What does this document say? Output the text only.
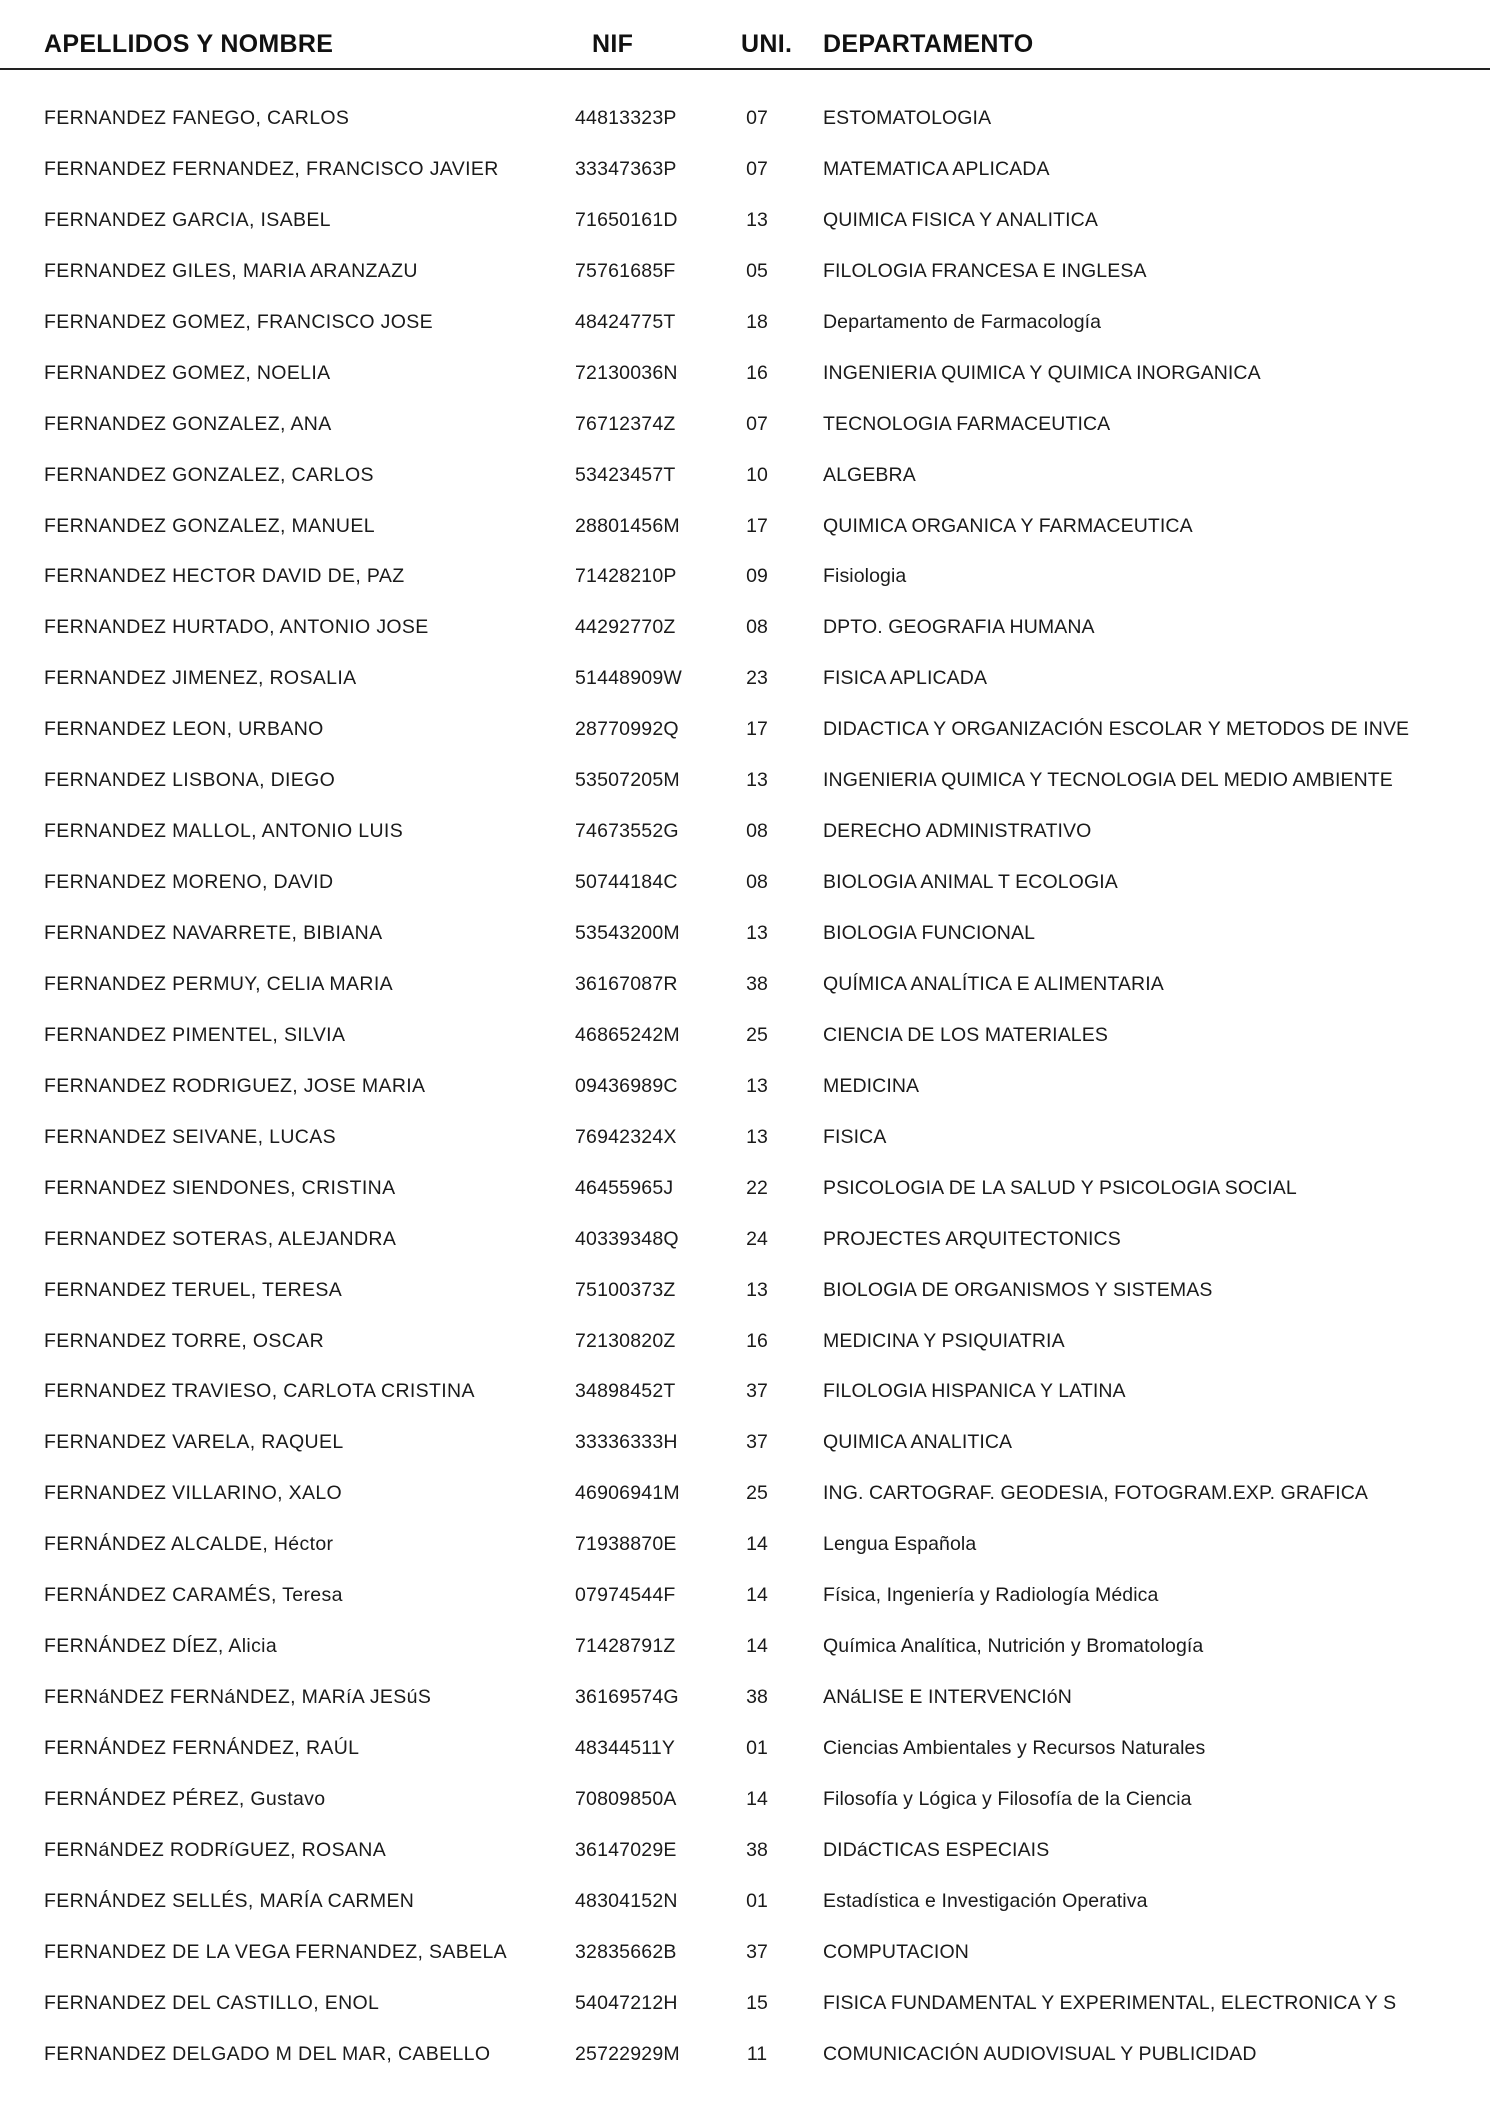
APELLIDOS Y NOMBRE	NIF	UNI. DEPARTAMENTO
FERNANDEZ FANEGO, CARLOS	44813323P	07	ESTOMATOLOGIA
FERNANDEZ FERNANDEZ, FRANCISCO JAVIER	33347363P	07	MATEMATICA APLICADA
FERNANDEZ GARCIA, ISABEL	71650161D	13	QUIMICA FISICA Y ANALITICA
FERNANDEZ GILES, MARIA ARANZAZU	75761685F	05	FILOLOGIA FRANCESA E INGLESA
FERNANDEZ GOMEZ, FRANCISCO JOSE	48424775T	18	Departamento de Farmacología
FERNANDEZ GOMEZ, NOELIA	72130036N	16	INGENIERIA QUIMICA Y QUIMICA INORGANICA
FERNANDEZ GONZALEZ, ANA	76712374Z	07	TECNOLOGIA FARMACEUTICA
FERNANDEZ GONZALEZ, CARLOS	53423457T	10	ALGEBRA
FERNANDEZ GONZALEZ, MANUEL	28801456M	17	QUIMICA ORGANICA Y FARMACEUTICA
FERNANDEZ HECTOR DAVID DE, PAZ	71428210P	09	Fisiologia
FERNANDEZ HURTADO, ANTONIO JOSE	44292770Z	08	DPTO. GEOGRAFIA HUMANA
FERNANDEZ JIMENEZ, ROSALIA	51448909W	23	FISICA APLICADA
FERNANDEZ LEON, URBANO	28770992Q	17	DIDACTICA Y ORGANIZACIÓN ESCOLAR Y METODOS DE INVE
FERNANDEZ LISBONA, DIEGO	53507205M	13	INGENIERIA QUIMICA Y TECNOLOGIA DEL MEDIO AMBIENTE
FERNANDEZ MALLOL, ANTONIO LUIS	74673552G	08	DERECHO ADMINISTRATIVO
FERNANDEZ MORENO, DAVID	50744184C	08	BIOLOGIA ANIMAL T ECOLOGIA
FERNANDEZ NAVARRETE, BIBIANA	53543200M	13	BIOLOGIA FUNCIONAL
FERNANDEZ PERMUY, CELIA MARIA	36167087R	38	QUÍMICA ANALÍTICA E ALIMENTARIA
FERNANDEZ PIMENTEL, SILVIA	46865242M	25	CIENCIA DE LOS MATERIALES
FERNANDEZ RODRIGUEZ, JOSE MARIA	09436989C	13	MEDICINA
FERNANDEZ SEIVANE, LUCAS	76942324X	13	FISICA
FERNANDEZ SIENDONES, CRISTINA	46455965J	22	PSICOLOGIA DE LA SALUD Y PSICOLOGIA SOCIAL
FERNANDEZ SOTERAS, ALEJANDRA	40339348Q	24	PROJECTES ARQUITECTONICS
FERNANDEZ TERUEL, TERESA	75100373Z	13	BIOLOGIA DE ORGANISMOS Y SISTEMAS
FERNANDEZ TORRE, OSCAR	72130820Z	16	MEDICINA Y PSIQUIATRIA
FERNANDEZ TRAVIESO, CARLOTA CRISTINA	34898452T	37	FILOLOGIA HISPANICA Y LATINA
FERNANDEZ VARELA, RAQUEL	33336333H	37	QUIMICA ANALITICA
FERNANDEZ VILLARINO, XALO	46906941M	25	ING. CARTOGRAF. GEODESIA, FOTOGRAM.EXP. GRAFICA
FERNÁNDEZ ALCALDE, Héctor	71938870E	14	Lengua Española
FERNÁNDEZ CARAMÉS, Teresa	07974544F	14	Física, Ingeniería y Radiología Médica
FERNÁNDEZ DÍEZ, Alicia	71428791Z	14	Química Analítica, Nutrición y Bromatología
FERNáNDEZ FERNáNDEZ, MARíA JESúS	36169574G	38	ANáLISE E INTERVENCIóN
FERNÁNDEZ FERNÁNDEZ, RAÚL	48344511Y	01	Ciencias Ambientales y Recursos Naturales
FERNÁNDEZ PÉREZ, Gustavo	70809850A	14	Filosofía y Lógica y Filosofía de la Ciencia
FERNáNDEZ RODRíGUEZ, ROSANA	36147029E	38	DIDáCTICAS ESPECIAIS
FERNÁNDEZ SELLÉS, MARÍA CARMEN	48304152N	01	Estadística e Investigación Operativa
FERNANDEZ DE LA VEGA FERNANDEZ, SABELA	32835662B	37	COMPUTACION
FERNANDEZ DEL CASTILLO, ENOL	54047212H	15	FISICA FUNDAMENTAL Y EXPERIMENTAL, ELECTRONICA Y S
FERNANDEZ DELGADO M DEL MAR, CABELLO	25722929M	11	COMUNICACIÓN AUDIOVISUAL Y PUBLICIDAD
